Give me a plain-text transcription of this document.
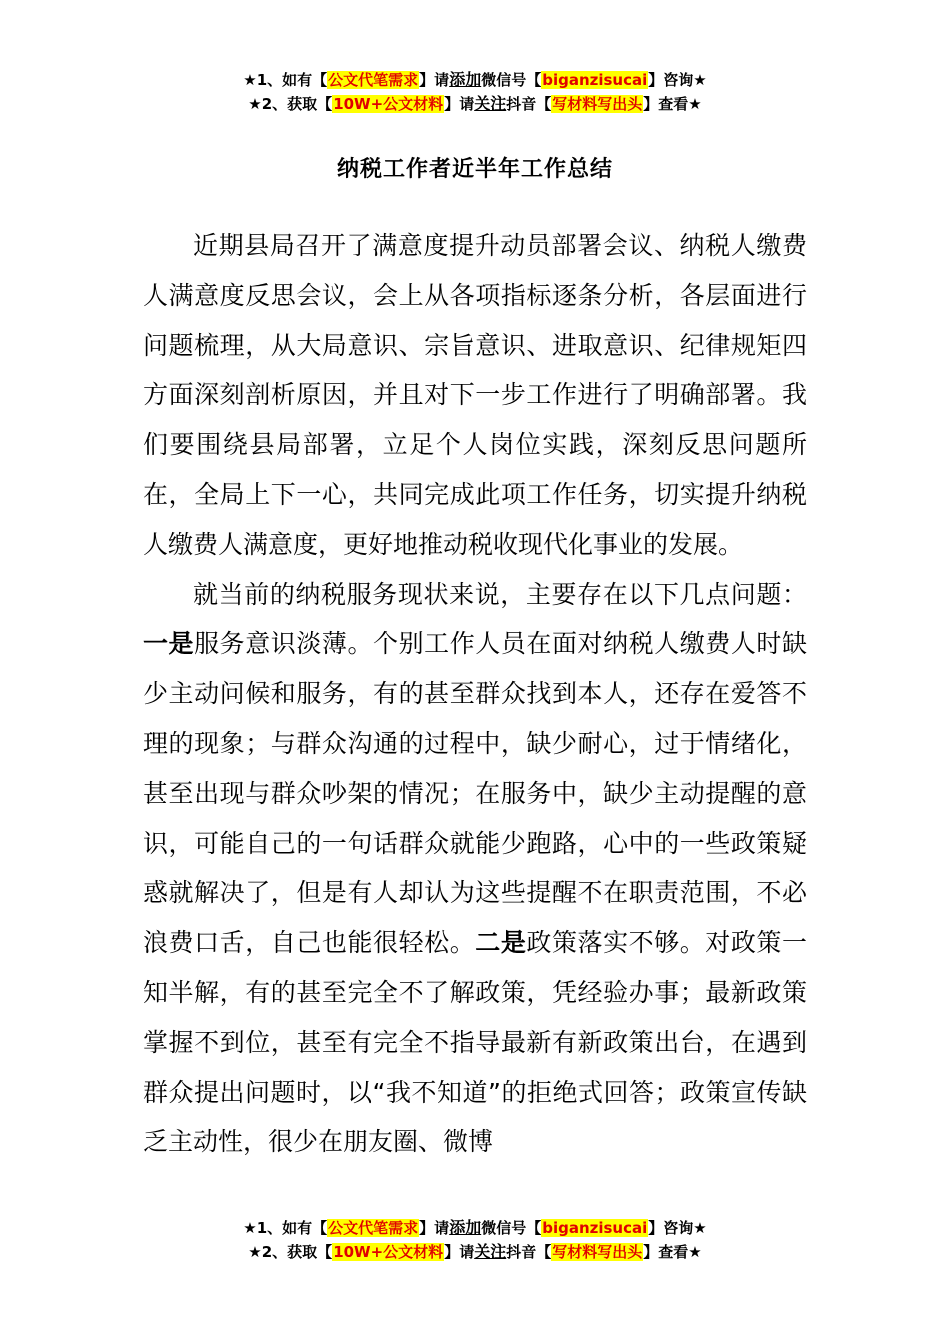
★1、如有【公文代笔需求】请添加微信号【biganzisucai】咨询★
★2、获取【10W+公文材料】请关注抖音【写材料写出头】查看★
纳税工作者近半年工作总结

近期县局召开了满意度提升动员部署会议、纳税人缴费人满意度反思会议，会上从各项指标逐条分析，各层面进行问题梳理，从大局意识、宗旨意识、进取意识、纪律规矩四方面深刻剖析原因，并且对下一步工作进行了明确部署。我们要围绕县局部署，立足个人岗位实践，深刻反思问题所在，全局上下一心，共同完成此项工作任务，切实提升纳税人缴费人满意度，更好地推动税收现代化事业的发展。

就当前的纳税服务现状来说，主要存在以下几点问题：一是服务意识淡薄。个别工作人员在面对纳税人缴费人时缺少主动问候和服务，有的甚至群众找到本人，还存在爱答不理的现象；与群众沟通的过程中，缺少耐心，过于情绪化，甚至出现与群众吵架的情况；在服务中，缺少主动提醒的意识，可能自己的一句话群众就能少跑路，心中的一些政策疑惑就解决了，但是有人却认为这些提醒不在职责范围，不必浪费口舌，自己也能很轻松。二是政策落实不够。对政策一知半解，有的甚至完全不了解政策，凭经验办事；最新政策掌握不到位，甚至有完全不指导最新有新政策出台，在遇到群众提出问题时，以“我不知道”的拒绝式回答；政策宣传缺乏主动性，很少在朋友圈、微博

★1、如有【公文代笔需求】请添加微信号【biganzisucai】咨询★
★2、获取【10W+公文材料】请关注抖音【写材料写出头】查看★
